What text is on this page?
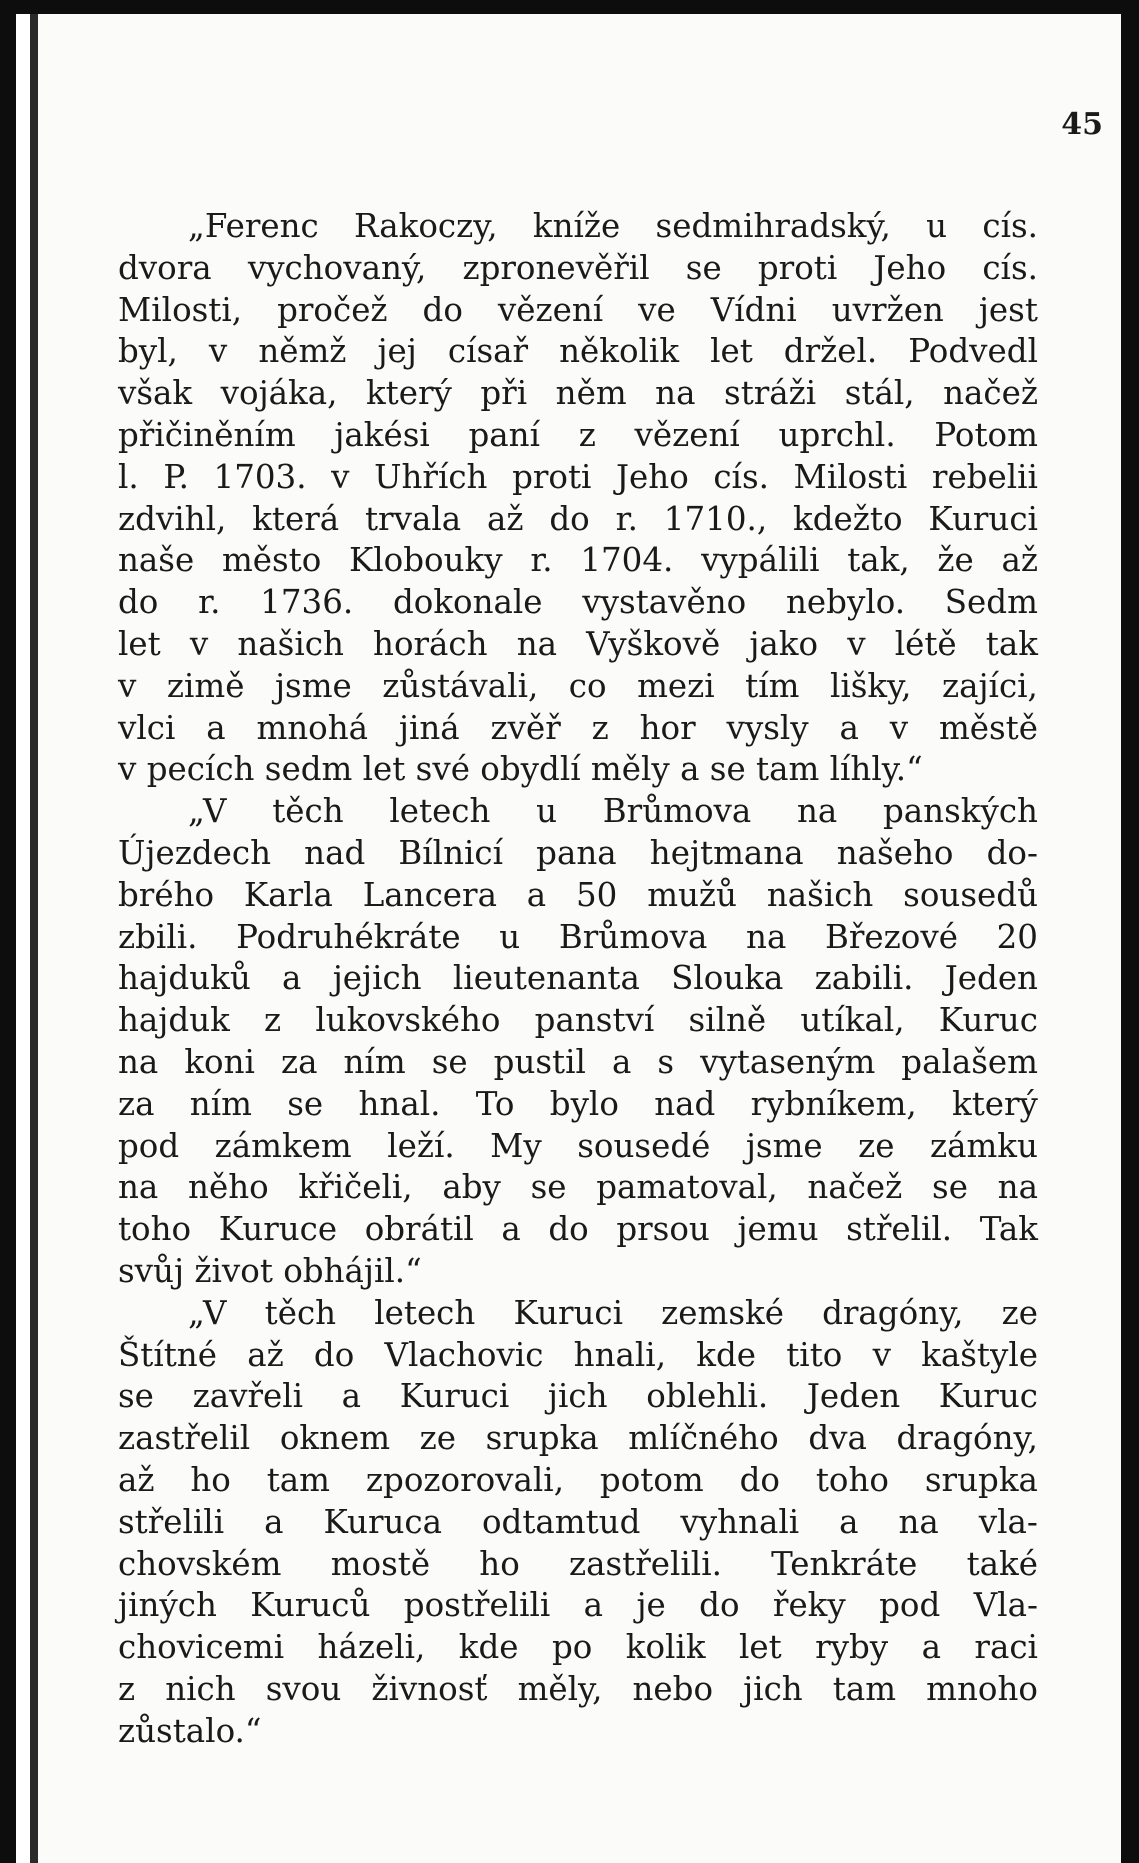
45
„Ferenc Rakoczy, kníže sedmihradský, u cís.
dvora vychovaný, zpronevěřil se proti Jeho cís.
Milosti, pročež do vězení ve Vídni uvržen jest
byl, v němž jej císař několik let držel. Podvedl
však vojáka, který při něm na stráži stál, načež
přičiněním jakési paní z vězení uprchl. Potom
l. P. 1703. v Uhřích proti Jeho cís. Milosti rebelii
zdvihl, která trvala až do r. 1710., kdežto Kuruci
naše město Klobouky r. 1704. vypálili tak, že až
do r. 1736. dokonale vystavěno nebylo. Sedm
let v našich horách na Vyškově jako v létě tak
v zimě jsme zůstávali, co mezi tím lišky, zajíci,
vlci a mnohá jiná zvěř z hor vysly a v městě
v pecích sedm let své obydlí měly a se tam líhly.“
„V těch letech u Brůmova na panských
Újezdech nad Bílnicí pana hejtmana našeho do-
brého Karla Lancera a 50 mužů našich sousedů
zbili. Podruhékráte u Brůmova na Březové 20
hajduků a jejich lieutenanta Slouka zabili. Jeden
hajduk z lukovského panství silně utíkal, Kuruc
na koni za ním se pustil a s vytaseným palašem
za ním se hnal. To bylo nad rybníkem, který
pod zámkem leží. My sousedé jsme ze zámku
na něho křičeli, aby se pamatoval, načež se na
toho Kuruce obrátil a do prsou jemu střelil. Tak
svůj život obhájil.“
„V těch letech Kuruci zemské dragóny, ze
Štítné až do Vlachovic hnali, kde tito v kaštyle
se zavřeli a Kuruci jich oblehli. Jeden Kuruc
zastřelil oknem ze srupka mlíčného dva dragóny,
až ho tam zpozorovali, potom do toho srupka
střelili a Kuruca odtamtud vyhnali a na vla-
chovském mostě ho zastřelili. Tenkráte také
jiných Kuruců postřelili a je do řeky pod Vla-
chovicemi házeli, kde po kolik let ryby a raci
z nich svou živnosť měly, nebo jich tam mnoho
zůstalo.“
